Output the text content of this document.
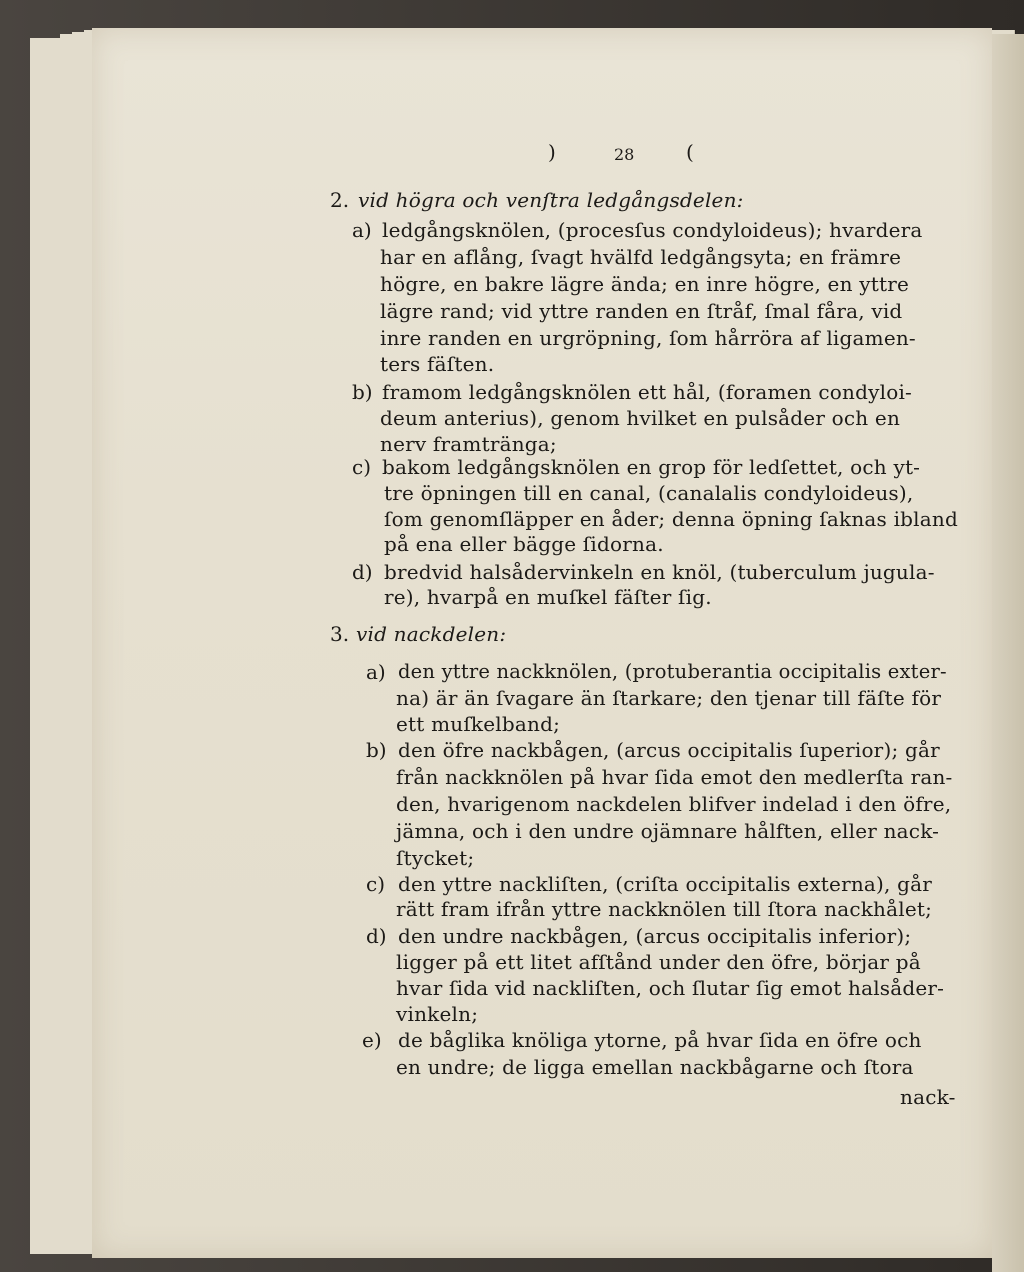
)	28	(
2. vid högra och venſtra ledgångsdelen:
a) ledgångsknölen, (procesſus condyloideus); hvardera
har en aflång, ſvagt hvälfd ledgångsyta; en främre
högre, en bakre lägre ända; en inre högre, en yttre
lägre rand; vid yttre randen en ſtråf, ſmal fåra, vid
inre randen en urgröpning, ſom hårröra af ligamen-
ters fäſten.
b) framom ledgångsknölen ett hål, (foramen condyloi-
deum anterius), genom hvilket en pulsåder och en
nerv framtränga;
c) bakom ledgångsknölen en grop för ledſettet, och yt-
tre öpningen till en canal, (canalalis condyloideus),
ſom genomſläpper en åder; denna öpning ſaknas ibland
på ena eller bägge ſidorna.
d) bredvid halsådervinkeln en knöl, (tuberculum jugula-
re), hvarpå en muſkel fäſter ſig.
3. vid nackdelen:
a) den yttre nackknölen, (protuberantia occipitalis exter-
na) är än ſvagare än ſtarkare; den tjenar till fäſte för
ett muſkelband;
b) den öfre nackbågen, (arcus occipitalis ſuperior); går
från nackknölen på hvar ſida emot den medlerſta ran-
den, hvarigenom nackdelen blifver indelad i den öfre,
jämna, och i den undre ojämnare hålften, eller nack-
ſtycket;
c) den yttre nackliſten, (criſta occipitalis externa), går
rätt fram ifrån yttre nackknölen till ſtora nackhålet;
d) den undre nackbågen, (arcus occipitalis inferior);
ligger på ett litet afſtånd under den öfre, börjar på
hvar ſida vid nackliſten, och ſlutar ſig emot halsåder-
vinkeln;
e) de båglika knöliga ytorne, på hvar ſida en öfre och
en undre; de ligga emellan nackbågarne och ſtora
nack-
